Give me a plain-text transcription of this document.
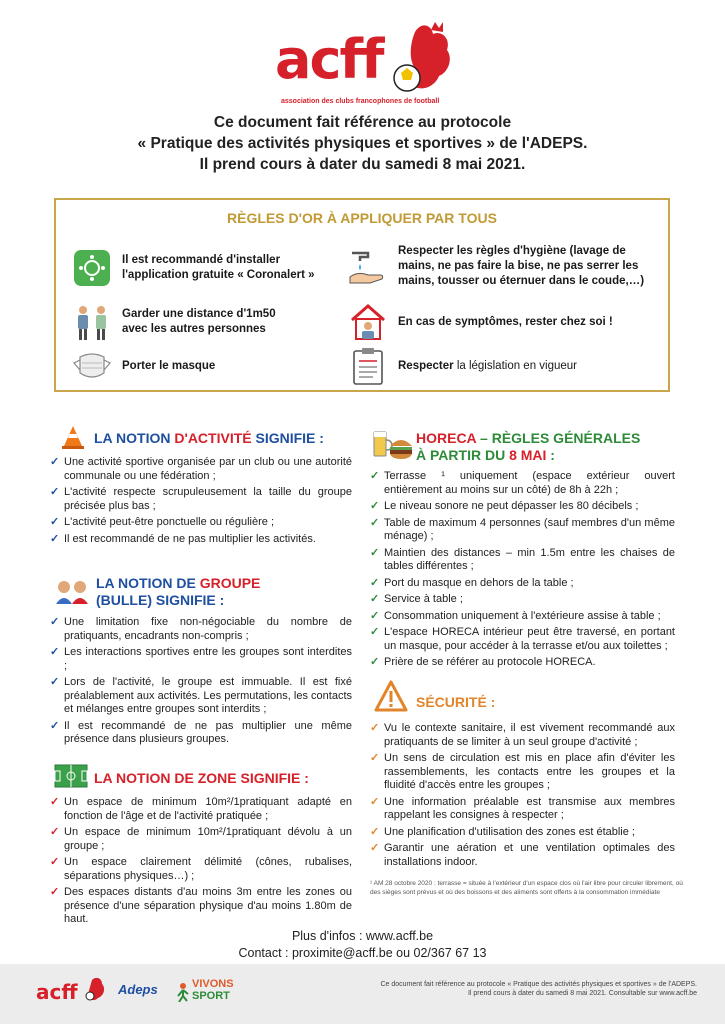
acff
association des clubs francophones de football
Ce document fait référence au protocole
« Pratique des activités physiques et sportives » de l'ADEPS.
Il prend cours à dater du samedi 8 mai 2021.
RÈGLES D'OR À APPLIQUER PAR TOUS
Il est recommandé d'installer
l'application gratuite « Coronalert »
Garder une distance d'1m50
avec les autres personnes
Porter le masque
Respecter les règles d'hygiène (lavage de mains, ne pas faire la bise, ne pas serrer les mains, tousser ou éternuer dans le coude,…)
En cas de symptômes, rester chez soi !
Respecter la législation en vigueur
LA NOTION D'ACTIVITÉ SIGNIFIE :
✓ Une activité sportive organisée par un club ou une autorité communale ou une fédération ;
✓ L'activité respecte scrupuleusement la taille du groupe précisée plus bas ;
✓ L'activité peut-être ponctuelle ou régulière ;
✓ Il est recommandé de ne pas multiplier les activités.
LA NOTION DE GROUPE
(BULLE) SIGNIFIE :
✓ Une limitation fixe non-négociable du nombre de pratiquants, encadrants non-compris ;
✓ Les interactions sportives entre les groupes sont interdites ;
✓ Lors de l'activité, le groupe est immuable. Il est fixé préalablement aux activités. Les permutations, les contacts et mélanges entre groupes sont interdits ;
✓ Il est recommandé de ne pas multiplier une même présence dans plusieurs groupes.
LA NOTION DE ZONE SIGNIFIE :
✓ Un espace de minimum 10m²/1pratiquant adapté en fonction de l'âge et de l'activité pratiquée ;
✓ Un espace de minimum 10m²/1pratiquant dévolu à un groupe ;
✓ Un espace clairement délimité (cônes, rubalises, séparations physiques…) ;
✓ Des espaces distants d'au moins 3m entre les zones ou présence d'une séparation physique d'au moins 1.80m de haut.
HORECA – RÈGLES GÉNÉRALES
À PARTIR DU 8 MAI :
✓ Terrasse ¹ uniquement (espace extérieur ouvert entièrement au moins sur un côté) de 8h à 22h ;
✓ Le niveau sonore ne peut dépasser les 80 décibels ;
✓ Table de maximum 4 personnes (sauf membres d'un même ménage) ;
✓ Maintien des distances – min 1.5m entre les chaises de tables différentes ;
✓ Port du masque en dehors de la table ;
✓ Service à table ;
✓ Consommation uniquement à l'extérieure assise à table ;
✓ L'espace HORECA intérieur peut être traversé, en portant un masque, pour accéder à la terrasse et/ou aux toilettes ;
✓ Prière de se référer au protocole HORECA.
SÉCURITÉ :
✓ Vu le contexte sanitaire, il est vivement recommandé aux pratiquants de se limiter à un seul groupe d'activité ;
✓ Un sens de circulation est mis en place afin d'éviter les rassemblements, les contacts entre les groupes et la fluidité d'accès entre les groupes ;
✓ Une information préalable est transmise aux membres rappelant les consignes à respecter ;
✓ Une planification d'utilisation des zones est établie ;
✓ Garantir une aération et une ventilation optimales des installations indoor.
¹ AM 28 octobre 2020 : terrasse = située à l'extérieur d'un espace clos où l'air libre pour circuler librement, où des sièges sont prévus et où des boissons et des aliments sont offerts à la consommation immédiate
Plus d'infos : www.acff.be
Contact : proximite@acff.be ou 02/367 67 13
acff	Adeps	VIVONS
SPORT
Ce document fait référence au protocole « Pratique des activités physiques et sportives » de l'ADEPS.
Il prend cours à dater du samedi 8 mai 2021. Consultable sur www.acff.be
